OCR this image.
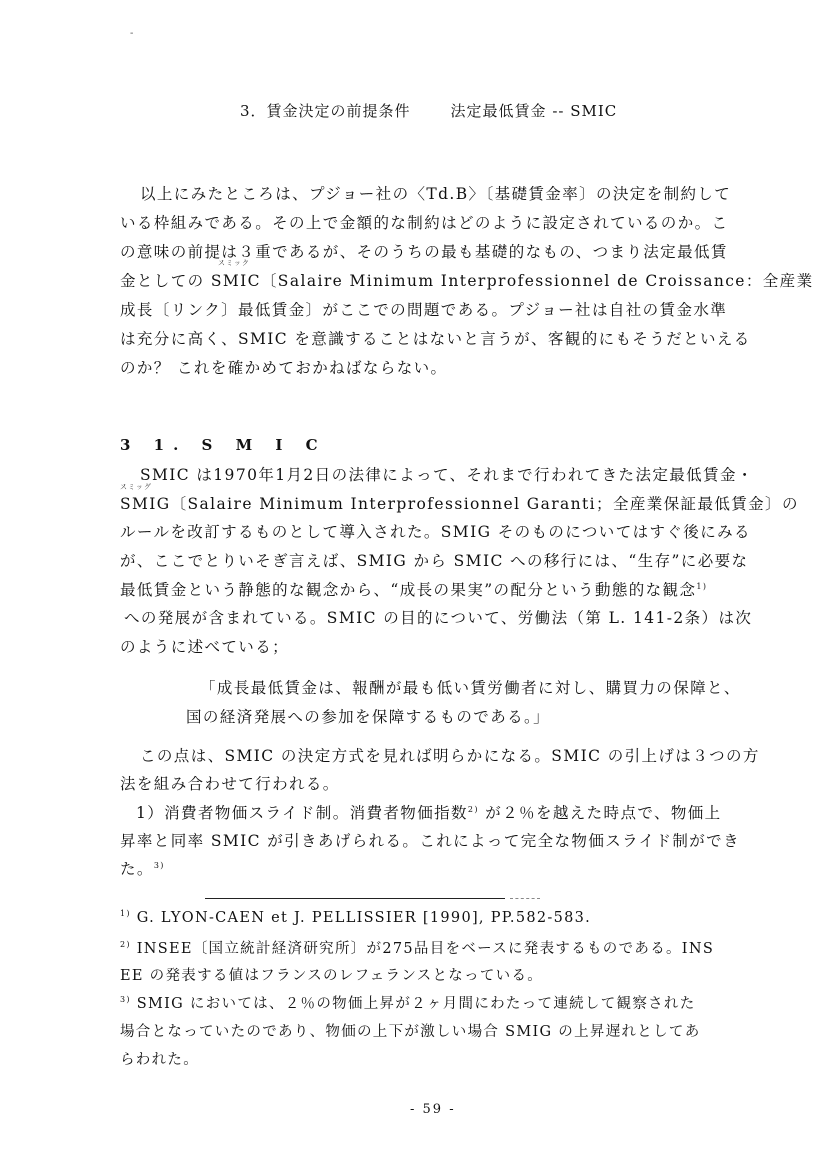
-
3．賃金決定の前提条件	法定最低賃金 -- SMIC
以上にみたところは、プジョー社の〈Td.B〉〔基礎賃金率〕の決定を制約して
いる枠組みである。その上で金額的な制約はどのように設定されているのか。こ
の意味の前提は３重であるが、そのうちの最も基礎的なもの、つまり法定最低賃
スミック
金としての SMIC〔Salaire Minimum Interprofessionnel de Croissance：全産業
成長〔リンク〕最低賃金〕がここでの問題である。プジョー社は自社の賃金水準
は充分に高く、SMIC を意識することはないと言うが、客観的にもそうだといえる
のか？ これを確かめておかねばならない。
3 1. S M I C
SMIC は1970年1月2日の法律によって、それまで行われてきた法定最低賃金・
スミッグ
SMIG〔Salaire Minimum Interprofessionnel Garanti；全産業保証最低賃金〕の
ルールを改訂するものとして導入された。SMIG そのものについてはすぐ後にみる
が、ここでとりいそぎ言えば、SMIG から SMIC への移行には、“生存”に必要な
最低賃金という静態的な観念から、“成長の果実”の配分という動態的な観念$^{1)}$
への発展が含まれている。SMIC の目的について、労働法（第 L. 141-2条）は次
のように述べている；
「成長最低賃金は、報酬が最も低い賃労働者に対し、購買力の保障と、
国の経済発展への参加を保障するものである。」
この点は、SMIC の決定方式を見れば明らかになる。SMIC の引上げは３つの方
法を組み合わせて行われる。
1）消費者物価スライド制。消費者物価指数$^{2)}$ が２％を越えた時点で、物価上
昇率と同率 SMIC が引きあげられる。これによって完全な物価スライド制ができ
た。$^{3)}$
$^{1)}$ G. LYON-CAEN et J. PELLISSIER [1990], PP.582-583.
$^{2)}$ INSEE〔国立統計経済研究所〕が275品目をベースに発表するものである。INS
EE の発表する値はフランスのレフェランスとなっている。
$^{3)}$ SMIG においては、２％の物価上昇が２ヶ月間にわたって連続して観察された
場合となっていたのであり、物価の上下が激しい場合 SMIG の上昇遅れとしてあ
らわれた。
- 59 -
